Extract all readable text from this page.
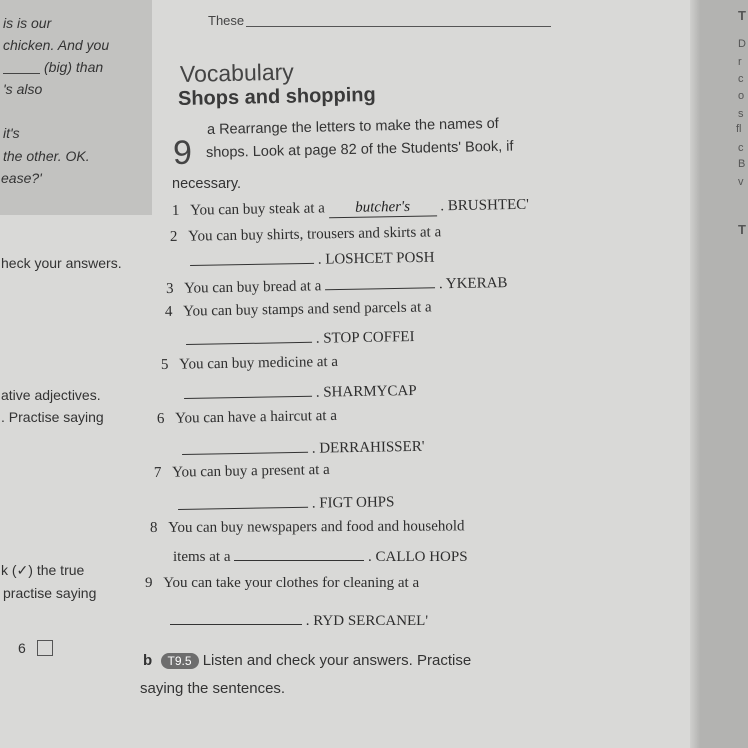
These
is is our
chicken. And you
(big) than
's also
it's
the other. OK.
ease?'
heck your answers.
ative adjectives.
. Practise saying
k (✓) the true
practise saying
6
Vocabulary
Shops and shopping
9
a Rearrange the letters to make the names of
shops. Look at page 82 of the Students' Book, if
necessary.
1 You can buy steak at a butcher's . BRUSHTEC'
2 You can buy shirts, trousers and skirts at a
. LOSHCET POSH
3 You can buy bread at a	. YKERAB
4 You can buy stamps and send parcels at a
. STOP COFFEI
5 You can buy medicine at a
. SHARMYCAP
6 You can have a haircut at a
. DERRAHISSER'
7 You can buy a present at a
. FIGT OHPS
8 You can buy newspapers and food and household
items at a	. CALLO HOPS
9 You can take your clothes for cleaning at a
. RYD SERCANEL'
b T9.5 Listen and check your answers. Practise
saying the sentences.
T
D
r
c
o
s
fl
c
B
v
T
